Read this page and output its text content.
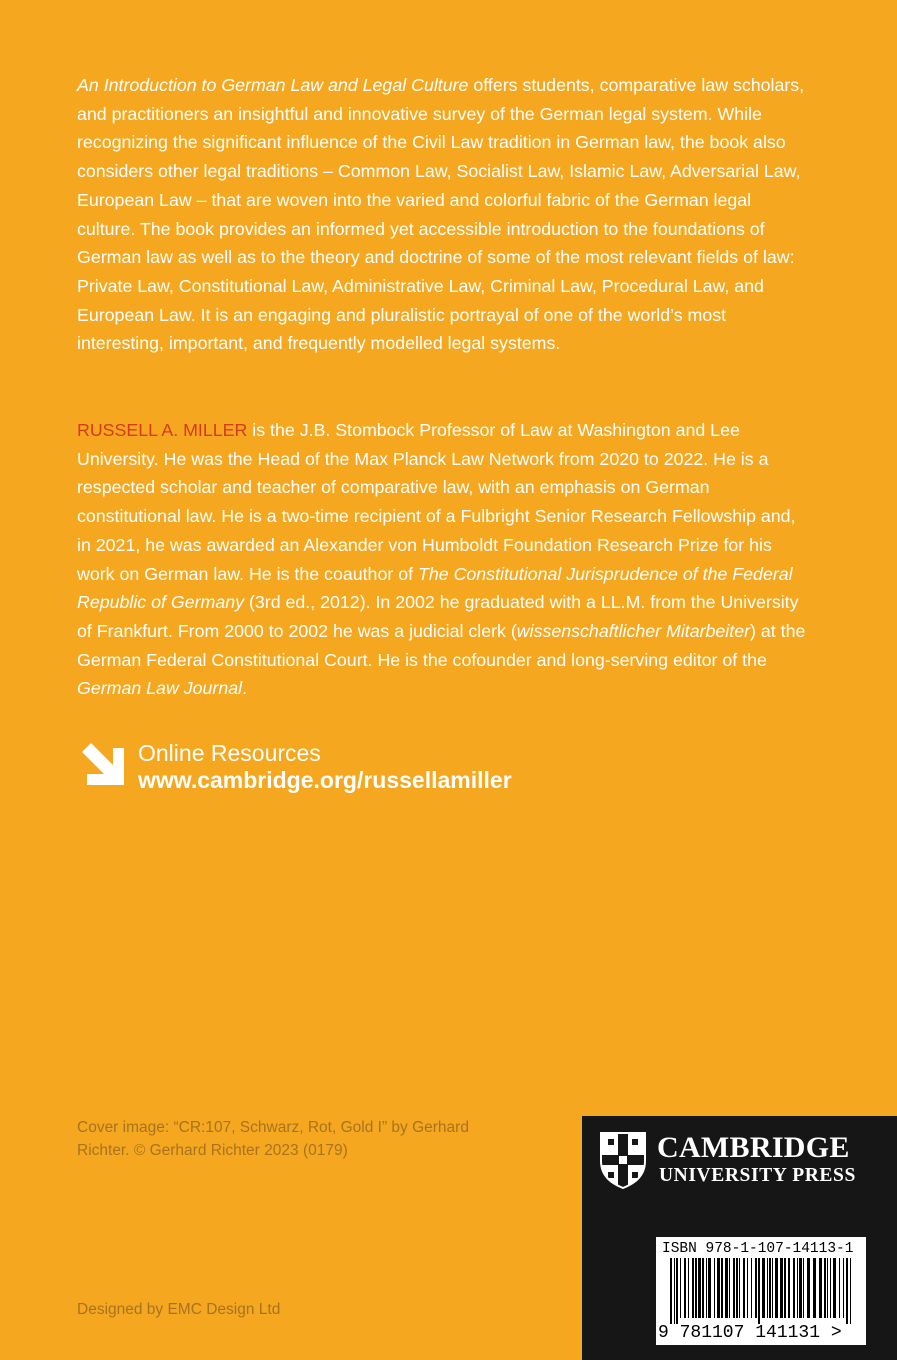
An Introduction to German Law and Legal Culture offers students, comparative law scholars, and practitioners an insightful and innovative survey of the German legal system. While recognizing the significant influence of the Civil Law tradition in German law, the book also considers other legal traditions – Common Law, Socialist Law, Islamic Law, Adversarial Law, European Law – that are woven into the varied and colorful fabric of the German legal culture. The book provides an informed yet accessible introduction to the foundations of German law as well as to the theory and doctrine of some of the most relevant fields of law: Private Law, Constitutional Law, Administrative Law, Criminal Law, Procedural Law, and European Law. It is an engaging and pluralistic portrayal of one of the world’s most interesting, important, and frequently modelled legal systems.

RUSSELL A. MILLER is the J.B. Stombock Professor of Law at Washington and Lee University. He was the Head of the Max Planck Law Network from 2020 to 2022. He is a respected scholar and teacher of comparative law, with an emphasis on German constitutional law. He is a two-time recipient of a Fulbright Senior Research Fellowship and, in 2021, he was awarded an Alexander von Humboldt Foundation Research Prize for his work on German law. He is the coauthor of The Constitutional Jurisprudence of the Federal Republic of Germany (3rd ed., 2012). In 2002 he graduated with a LL.M. from the University of Frankfurt. From 2000 to 2002 he was a judicial clerk (wissenschaftlicher Mitarbeiter) at the German Federal Constitutional Court. He is the cofounder and long-serving editor of the German Law Journal.

Online Resources
www.cambridge.org/russellamiller
Cover image: “CR:107, Schwarz, Rot, Gold I” by Gerhard Richter. © Gerhard Richter 2023 (0179)
Designed by EMC Design Ltd
CAMBRIDGE
UNIVERSITY PRESS
ISBN 978-1-107-14113-1
9 781107 141131 >
